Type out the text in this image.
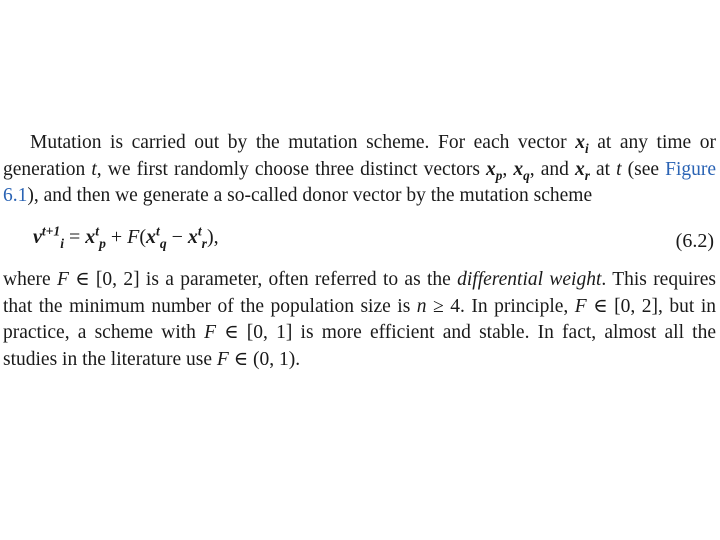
Mutation is carried out by the mutation scheme. For each vector $x_i$ at any time or generation t, we first randomly choose three distinct vectors $x_p$, $x_q$, and $x_r$ at t (see Figure 6.1), and then we generate a so-called donor vector by the mutation scheme

$v^{t+1}_i = x^t_p + F(x^t_q - x^t_r)$,	(6.2)

where F ∈ [0, 2] is a parameter, often referred to as the differential weight. This requires that the minimum number of the population size is n ≥ 4. In principle, F ∈ [0, 2], but in practice, a scheme with F ∈ [0, 1] is more efficient and stable. In fact, almost all the studies in the literature use F ∈ (0, 1).
